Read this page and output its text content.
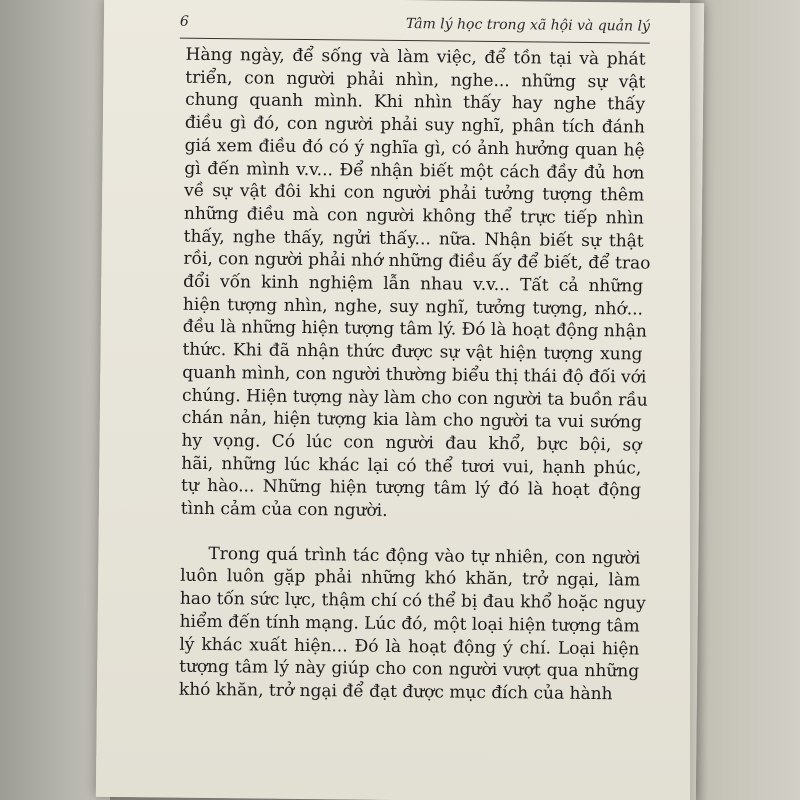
6	Tâm lý học trong xã hội và quản lý
Hàng ngày, để sống và làm việc, để tồn tại và phát
triển, con người phải nhìn, nghe... những sự vật
chung quanh mình. Khi nhìn thấy hay nghe thấy
điều gì đó, con người phải suy nghĩ, phân tích đánh
giá xem điều đó có ý nghĩa gì, có ảnh hưởng quan hệ
gì đến mình v.v... Để nhận biết một cách đầy đủ hơn
về sự vật đôi khi con người phải tưởng tượng thêm
những điều mà con người không thể trực tiếp nhìn
thấy, nghe thấy, ngửi thấy... nữa. Nhận biết sự thật
rồi, con người phải nhớ những điều ấy để biết, để trao
đổi vốn kinh nghiệm lẫn nhau v.v... Tất cả những
hiện tượng nhìn, nghe, suy nghĩ, tưởng tượng, nhớ...
đều là những hiện tượng tâm lý. Đó là hoạt động nhận
thức. Khi đã nhận thức được sự vật hiện tượng xung
quanh mình, con người thường biểu thị thái độ đối với
chúng. Hiện tượng này làm cho con người ta buồn rầu
chán nản, hiện tượng kia làm cho người ta vui sướng
hy vọng. Có lúc con người đau khổ, bực bội, sợ
hãi, những lúc khác lại có thể tươi vui, hạnh phúc,
tự hào... Những hiện tượng tâm lý đó là hoạt động
tình cảm của con người.
Trong quá trình tác động vào tự nhiên, con người
luôn luôn gặp phải những khó khăn, trở ngại, làm
hao tốn sức lực, thậm chí có thể bị đau khổ hoặc nguy
hiểm đến tính mạng. Lúc đó, một loại hiện tượng tâm
lý khác xuất hiện... Đó là hoạt động ý chí. Loại hiện
tượng tâm lý này giúp cho con người vượt qua những
khó khăn, trở ngại để đạt được mục đích của hành
